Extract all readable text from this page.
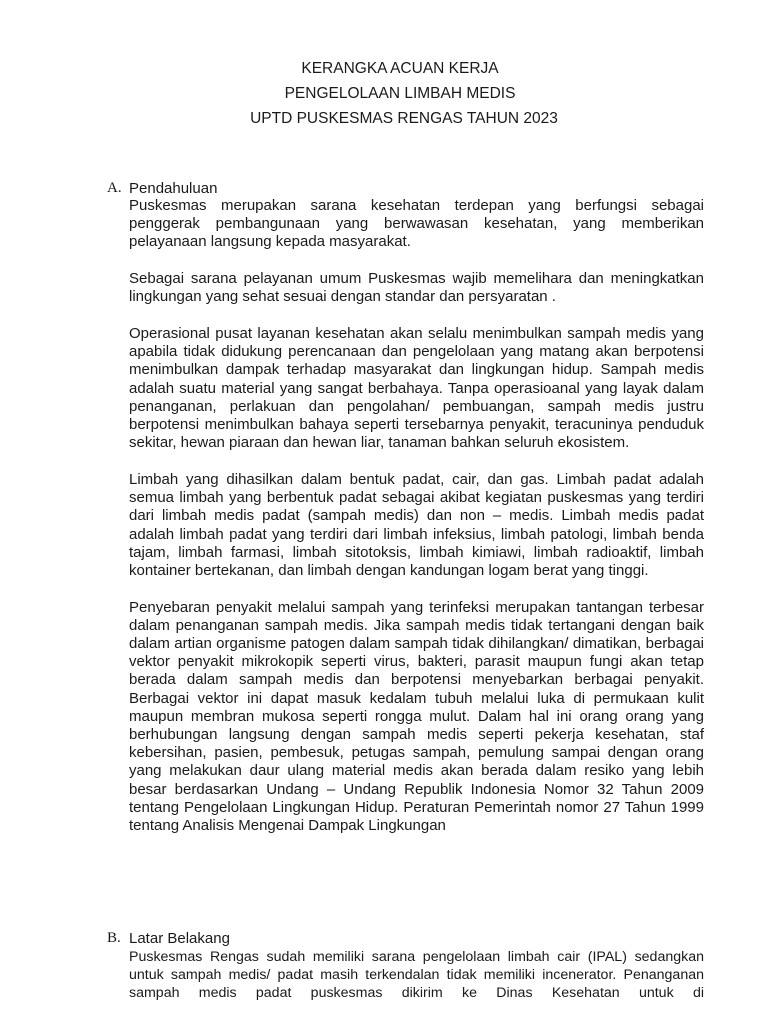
KERANGKA ACUAN KERJA
PENGELOLAAN LIMBAH MEDIS
UPTD PUSKESMAS RENGAS TAHUN 2023
A. Pendahuluan

Puskesmas merupakan sarana kesehatan terdepan yang berfungsi sebagai penggerak pembangunaan yang berwawasan kesehatan, yang memberikan pelayanaan langsung kepada masyarakat.

Sebagai sarana pelayanan umum Puskesmas wajib memelihara dan meningkatkan lingkungan yang sehat sesuai dengan standar dan persyaratan .

Operasional pusat layanan kesehatan akan selalu menimbulkan sampah medis yang apabila tidak didukung perencanaan dan pengelolaan yang matang akan berpotensi menimbulkan dampak terhadap masyarakat dan lingkungan hidup. Sampah medis adalah suatu material yang sangat berbahaya. Tanpa operasioanal yang layak dalam penanganan, perlakuan dan pengolahan/ pembuangan, sampah medis justru berpotensi menimbulkan bahaya seperti tersebarnya penyakit, teracuninya penduduk sekitar, hewan piaraan dan hewan liar, tanaman bahkan seluruh ekosistem.

Limbah yang dihasilkan dalam bentuk padat, cair, dan gas. Limbah padat adalah semua limbah yang berbentuk padat sebagai akibat kegiatan puskesmas yang terdiri dari limbah medis padat (sampah medis) dan non – medis. Limbah medis padat adalah limbah padat yang terdiri dari limbah infeksius, limbah patologi, limbah benda tajam, limbah farmasi, limbah sitotoksis, limbah kimiawi, limbah radioaktif, limbah kontainer bertekanan, dan limbah dengan kandungan logam berat yang tinggi.

Penyebaran penyakit melalui sampah yang terinfeksi merupakan tantangan terbesar dalam penanganan sampah medis. Jika sampah medis tidak tertangani dengan baik dalam artian organisme patogen dalam sampah tidak dihilangkan/ dimatikan, berbagai vektor penyakit mikrokopik seperti virus, bakteri, parasit maupun fungi akan tetap berada dalam sampah medis dan berpotensi menyebarkan berbagai penyakit. Berbagai vektor ini dapat masuk kedalam tubuh melalui luka di permukaan kulit maupun membran mukosa seperti rongga mulut. Dalam hal ini orang orang yang berhubungan langsung dengan sampah medis seperti pekerja kesehatan, staf kebersihan, pasien, pembesuk, petugas sampah, pemulung sampai dengan orang yang melakukan daur ulang material medis akan berada dalam resiko yang lebih besar berdasarkan Undang – Undang Republik Indonesia Nomor 32 Tahun 2009 tentang Pengelolaan Lingkungan Hidup. Peraturan Pemerintah nomor 27 Tahun 1999 tentang Analisis Mengenai Dampak Lingkungan

B. Latar Belakang

Puskesmas Rengas sudah memiliki sarana pengelolaan limbah cair (IPAL) sedangkan untuk sampah medis/ padat masih terkendalan tidak memiliki incenerator. Penanganan sampah medis padat puskesmas dikirim ke Dinas Kesehatan untuk di
